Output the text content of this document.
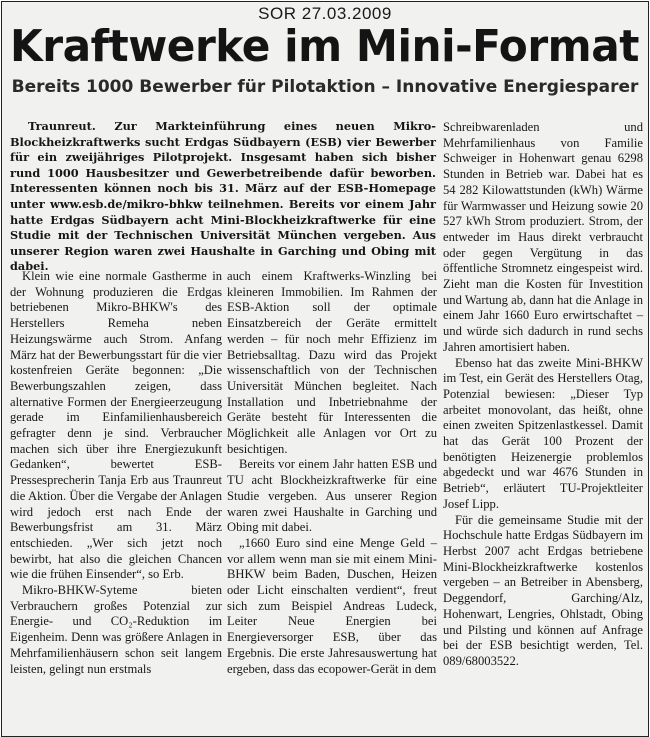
SOR 27.03.2009
Kraftwerke im Mini-Format
Bereits 1000 Bewerber für Pilotaktion – Innovative Energiesparer
Traunreut. Zur Markteinführung eines neuen Mikro-Blockheizkraftwerks sucht Erdgas Südbayern (ESB) vier Bewerber für ein zweijähriges Pilotprojekt. Insgesamt haben sich bisher rund 1000 Hausbesitzer und Gewerbetreibende dafür beworben. Interessenten können noch bis 31. März auf der ESB-Homepage unter www.esb.de/mikro-bhkw teilnehmen. Bereits vor einem Jahr hatte Erdgas Südbayern acht Mini-Blockheizkraftwerke für eine Studie mit der Technischen Universität München vergeben. Aus unserer Region waren zwei Haushalte in Garching und Obing mit dabei.

Klein wie eine normale Gastherme in der Wohnung produzieren die Erdgas betriebenen Mikro-BHKW's des Herstellers Remeha neben Heizungswärme auch Strom. Anfang März hat der Bewerbungsstart für die vier kostenfreien Geräte begonnen: „Die Bewerbungszahlen zeigen, dass alternative Formen der Energieerzeugung gerade im Einfamilienhausbereich gefragter denn je sind. Verbraucher machen sich über ihre Energiezukunft Gedanken“, bewertet ESB-Pressesprecherin Tanja Erb aus Traunreut die Aktion. Über die Vergabe der Anlagen wird jedoch erst nach Ende der Bewerbungsfrist am 31. März entschieden. „Wer sich jetzt noch bewirbt, hat also die gleichen Chancen wie die frühen Einsender“, so Erb.

Mikro-BHKW-Syteme bieten Verbrauchern großes Potenzial zur Energie- und CO₂-Reduktion im Eigenheim. Denn was größere Anlagen in Mehrfamilienhäusern schon seit langem leisten, gelingt nun erstmals

auch einem Kraftwerks-Winzling bei kleineren Immobilien. Im Rahmen der ESB-Aktion soll der optimale Einsatzbereich der Geräte ermittelt werden – für noch mehr Effizienz im Betriebsalltag. Dazu wird das Projekt wissenschaftlich von der Technischen Universität München begleitet. Nach Installation und Inbetriebnahme der Geräte besteht für Interessenten die Möglichkeit alle Anlagen vor Ort zu besichtigen.

Bereits vor einem Jahr hatten ESB und TU acht Blockheizkraftwerke für eine Studie vergeben. Aus unserer Region waren zwei Haushalte in Garching und Obing mit dabei.

„1660 Euro sind eine Menge Geld – vor allem wenn man sie mit einem Mini-BHKW beim Baden, Duschen, Heizen oder Licht einschalten verdient“, freut sich zum Beispiel Andreas Ludeck, Leiter Neue Energien bei Energieversorger ESB, über das Ergebnis. Die erste Jahresauswertung hat ergeben, dass das ecopower-Gerät in dem

Schreibwarenladen und Mehrfamilienhaus von Familie Schweiger in Hohenwart genau 6298 Stunden in Betrieb war. Dabei hat es 54 282 Kilowattstunden (kWh) Wärme für Warmwasser und Heizung sowie 20 527 kWh Strom produziert. Strom, der entweder im Haus direkt verbraucht oder gegen Vergütung in das öffentliche Stromnetz eingespeist wird. Zieht man die Kosten für Investition und Wartung ab, dann hat die Anlage in einem Jahr 1660 Euro erwirtschaftet – und würde sich dadurch in rund sechs Jahren amortisiert haben.

Ebenso hat das zweite Mini-BHKW im Test, ein Gerät des Herstellers Otag, Potenzial bewiesen: „Dieser Typ arbeitet monovolant, das heißt, ohne einen zweiten Spitzenlastkessel. Damit hat das Gerät 100 Prozent der benötigten Heizenergie problemlos abgedeckt und war 4676 Stunden in Betrieb“, erläutert TU-Projektleiter Josef Lipp.

Für die gemeinsame Studie mit der Hochschule hatte Erdgas Südbayern im Herbst 2007 acht Erdgas betriebene Mini-Blockheizkraftwerke kostenlos vergeben – an Betreiber in Abensberg, Deggendorf, Garching/Alz, Hohenwart, Lengries, Ohlstadt, Obing und Pilsting und können auf Anfrage bei der ESB besichtigt werden, Tel. 089/68003522.
